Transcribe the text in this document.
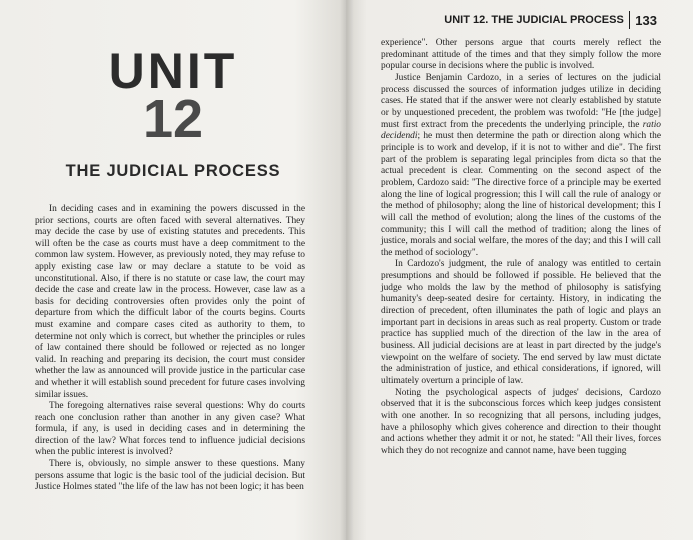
UNIT
12
THE JUDICIAL PROCESS

In deciding cases and in examining the powers discussed in the prior sections, courts are often faced with several alternatives. They may decide the case by use of existing statutes and precedents. This will often be the case as courts must have a deep commitment to the common law system. However, as previously noted, they may refuse to apply existing case law or may declare a statute to be void as unconstitutional. Also, if there is no statute or case law, the court may decide the case and create law in the process. However, case law as a basis for deciding controversies often provides only the point of departure from which the difficult labor of the courts begins. Courts must examine and compare cases cited as authority to them, to determine not only which is correct, but whether the principles or rules of law contained there should be followed or rejected as no longer valid. In reaching and preparing its decision, the court must consider whether the law as announced will provide justice in the particular case and whether it will establish sound precedent for future cases involving similar issues.

The foregoing alternatives raise several questions: Why do courts reach one conclusion rather than another in any given case? What formula, if any, is used in deciding cases and in determining the direction of the law? What forces tend to influence judicial decisions when the public interest is involved?

There is, obviously, no simple answer to these questions. Many persons assume that logic is the basic tool of the judicial decision. But Justice Holmes stated "the life of the law has not been logic; it has been

UNIT 12. THE JUDICIAL PROCESS 133

experience". Other persons argue that courts merely reflect the predominant attitude of the times and that they simply follow the more popular course in decisions where the public is involved.

Justice Benjamin Cardozo, in a series of lectures on the judicial process discussed the sources of information judges utilize in deciding cases. He stated that if the answer were not clearly established by statute or by unquestioned precedent, the problem was twofold: "He [the judge] must first extract from the precedents the underlying principle, the ratio decidendi; he must then determine the path or direction along which the principle is to work and develop, if it is not to wither and die". The first part of the problem is separating legal principles from dicta so that the actual precedent is clear. Commenting on the second aspect of the problem, Cardozo said: "The directive force of a principle may be exerted along the line of logical progression; this I will call the rule of analogy or the method of philosophy; along the line of historical development; this I will call the method of evolution; along the lines of the customs of the community; this I will call the method of tradition; along the lines of justice, morals and social welfare, the mores of the day; and this I will call the method of sociology".

In Cardozo's judgment, the rule of analogy was entitled to certain presumptions and should be followed if possible. He believed that the judge who molds the law by the method of philosophy is satisfying humanity's deep-seated desire for certainty. History, in indicating the direction of precedent, often illuminates the path of logic and plays an important part in decisions in areas such as real property. Custom or trade practice has supplied much of the direction of the law in the area of business. All judicial decisions are at least in part directed by the judge's viewpoint on the welfare of society. The end served by law must dictate the administration of justice, and ethical considerations, if ignored, will ultimately overturn a principle of law.

Noting the psychological aspects of judges' decisions, Cardozo observed that it is the subconscious forces which keep judges consistent with one another. In so recognizing that all persons, including judges, have a philosophy which gives coherence and direction to their thought and actions whether they admit it or not, he stated: "All their lives, forces which they do not recognize and cannot name, have been tugging
